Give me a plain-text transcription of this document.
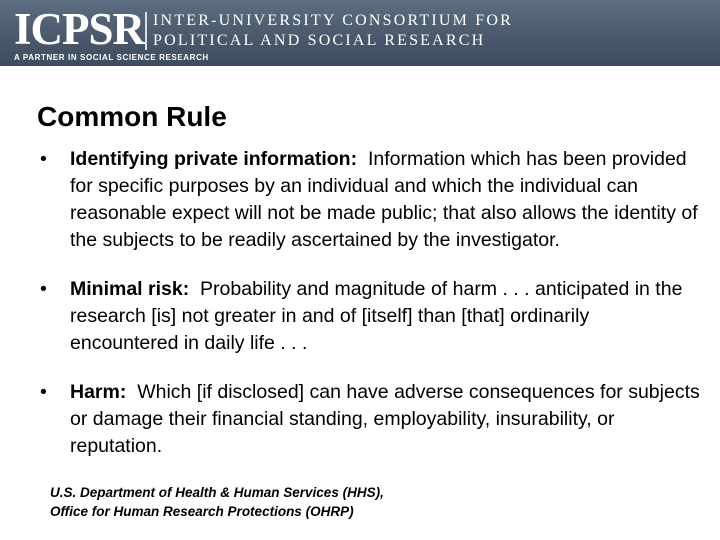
ICPSR INTER-UNIVERSITY CONSORTIUM FOR
POLITICAL AND SOCIAL RESEARCH
A PARTNER IN SOCIAL SCIENCE RESEARCH
Common Rule
• Identifying private information: Information which has been provided for specific purposes by an individual and which the individual can reasonable expect will not be made public; that also allows the identity of the subjects to be readily ascertained by the investigator.
• Minimal risk: Probability and magnitude of harm . . . anticipated in the research [is] not greater in and of [itself] than [that] ordinarily encountered in daily life . . .
• Harm: Which [if disclosed] can have adverse consequences for subjects or damage their financial standing, employability, insurability, or reputation.
U.S. Department of Health & Human Services (HHS),
Office for Human Research Protections (OHRP)
